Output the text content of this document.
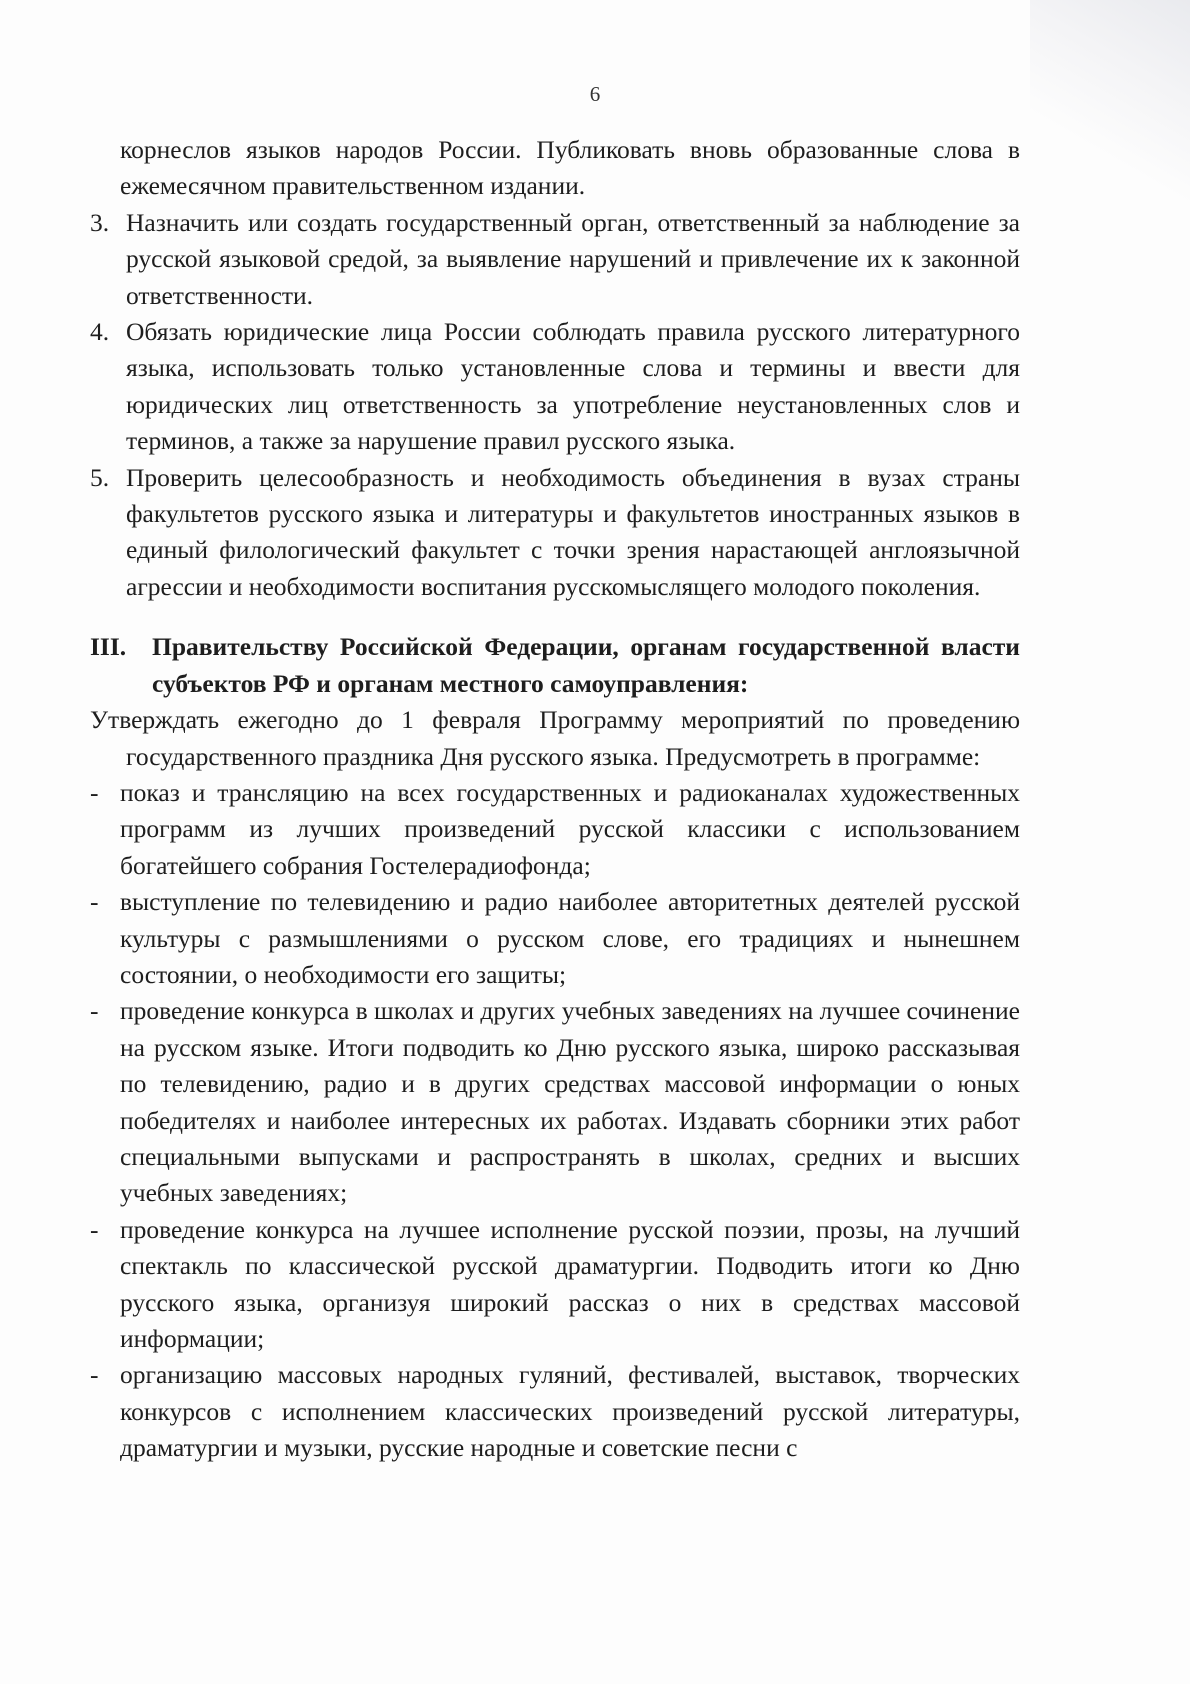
6

корнеслов языков народов России. Публиковать вновь образованные слова в ежемесячном правительственном издании.

3. Назначить или создать государственный орган, ответственный за наблюдение за русской языковой средой, за выявление нарушений и привлечение их к законной ответственности.
4. Обязать юридические лица России соблюдать правила русского литературного языка, использовать только установленные слова и термины и ввести для юридических лиц ответственность за употребление неустановленных слов и терминов, а также за нарушение правил русского языка.
5. Проверить целесообразность и необходимость объединения в вузах страны факультетов русского языка и литературы и факультетов иностранных языков в единый филологический факультет с точки зрения нарастающей англоязычной агрессии и необходимости воспитания русскомыслящего молодого поколения.
III.	Правительству Российской Федерации, органам государственной власти субъектов РФ и органам местного самоуправления:

Утверждать ежегодно до 1 февраля Программу мероприятий по проведению государственного праздника Дня русского языка. Предусмотреть в программе:

- показ и трансляцию на всех государственных и радиоканалах художественных программ из лучших произведений русской классики с использованием богатейшего собрания Гостелерадиофонда;
- выступление по телевидению и радио наиболее авторитетных деятелей русской культуры с размышлениями о русском слове, его традициях и нынешнем состоянии, о необходимости его защиты;
- проведение конкурса в школах и других учебных заведениях на лучшее сочинение на русском языке. Итоги подводить ко Дню русского языка, широко рассказывая по телевидению, радио и в других средствах массовой информации о юных победителях и наиболее интересных их работах. Издавать сборники этих работ специальными выпусками и распространять в школах, средних и высших учебных заведениях;
- проведение конкурса на лучшее исполнение русской поэзии, прозы, на лучший спектакль по классической русской драматургии. Подводить итоги ко Дню русского языка, организуя широкий рассказ о них в средствах массовой информации;
- организацию массовых народных гуляний, фестивалей, выставок, творческих конкурсов с исполнением классических произведений русской литературы, драматургии и музыки, русские народные и советские песни с
